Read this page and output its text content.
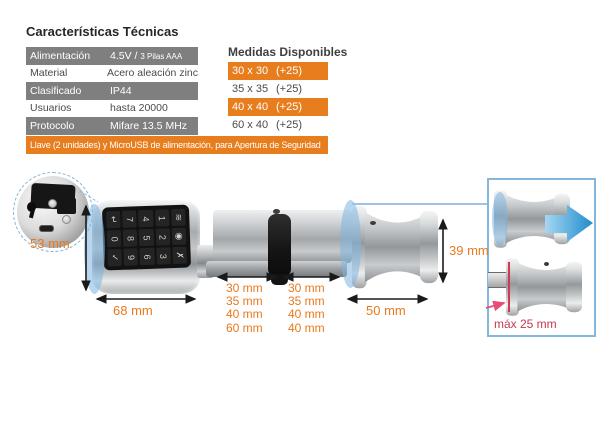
Características Técnicas
Alimentación	4.5V / 3 Pilas AAA
Material	Acero aleación zinc
Clasificado	IP44
Usuarios	hasta 20000
Protocolo	Mifare 13.5 MHz
Llave (2 unidades) y MicroUSB de alimentación, para Apertura de Seguridad
Medidas Disponibles
30 x 30 (+25)
35 x 35 (+25)
40 x 40 (+25)
60 x 40 (+25)
↵ 7 4 1 ≋
0 8 5 2 ◉
✓ 9 6 3 ✗
53 mm
68 mm
39 mm
50 mm
30 mm
35 mm
40 mm
60 mm
30 mm
35 mm
40 mm
40 mm	máx 25 mm
